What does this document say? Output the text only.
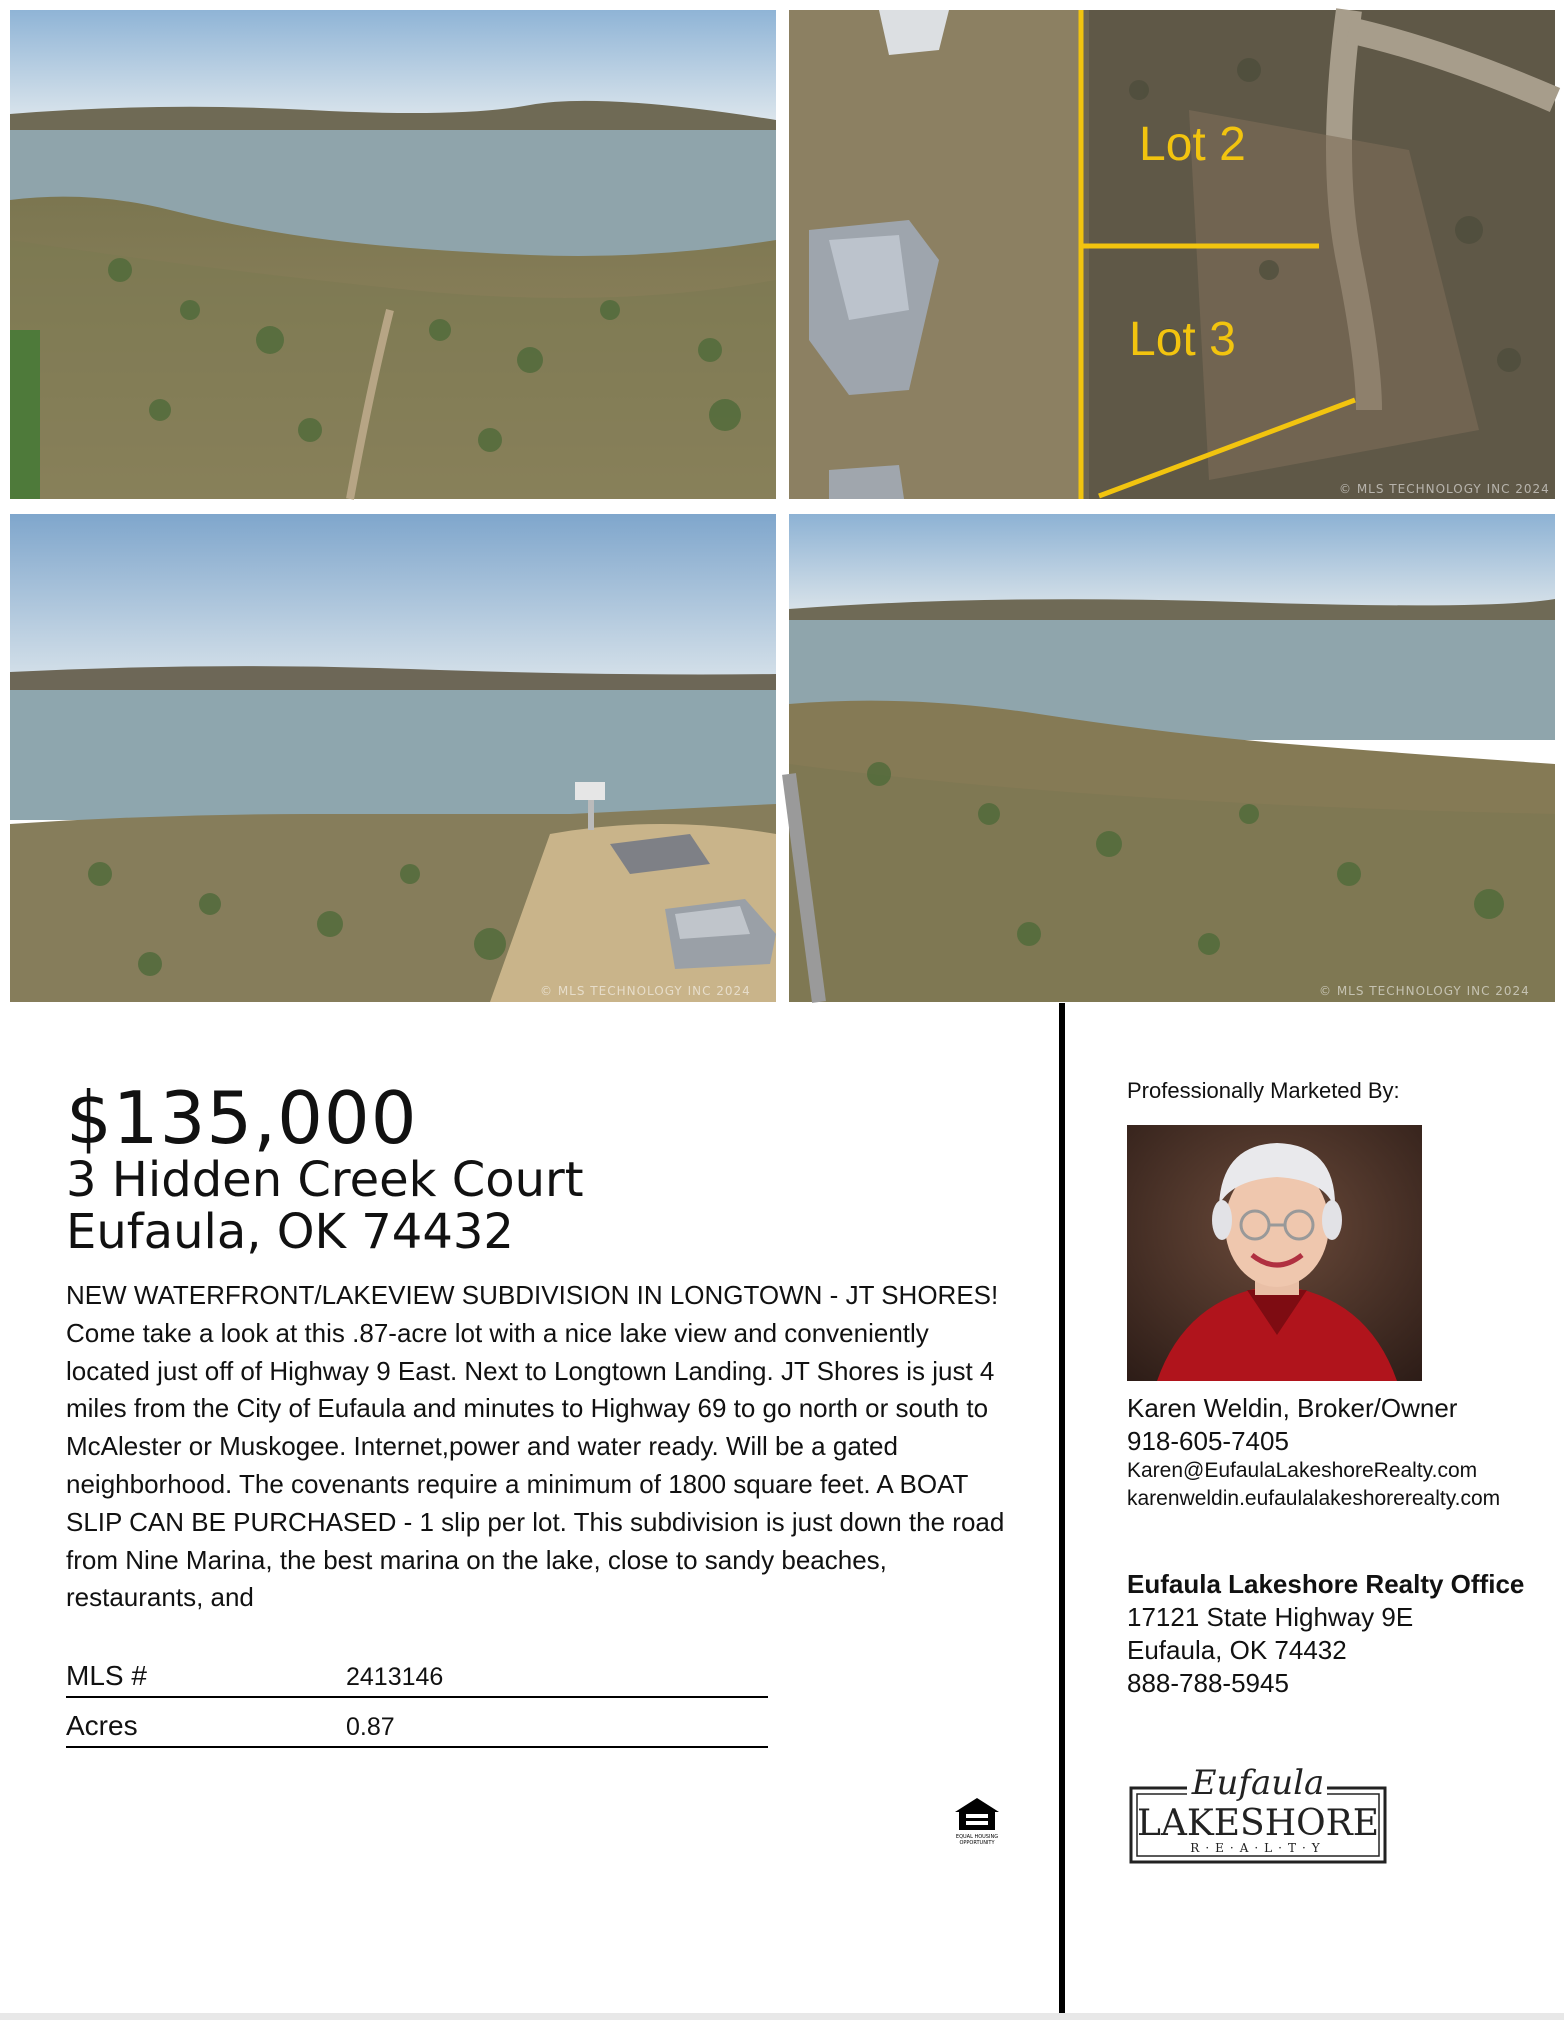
Lot 2
Lot 3
© MLS TECHNOLOGY INC 2024
© MLS TECHNOLOGY INC 2024	© MLS TECHNOLOGY INC 2024
$135,000
3 Hidden Creek Court
Eufaula, OK 74432
NEW WATERFRONT/LAKEVIEW SUBDIVISION IN LONGTOWN - JT SHORES! Come take a look at this .87-acre lot with a nice lake view and conveniently located just off of Highway 9 East. Next to Longtown Landing. JT Shores is just 4 miles from the City of Eufaula and minutes to Highway 69 to go north or south to McAlester or Muskogee. Internet,power and water ready. Will be a gated neighborhood. The covenants require a minimum of 1800 square feet. A BOAT SLIP CAN BE PURCHASED - 1 slip per lot. This subdivision is just down the road from Nine Marina, the best marina on the lake, close to sandy beaches, restaurants, and
MLS #	2413146
Acres	0.87
EQUAL HOUSING
OPPORTUNITY
Professionally Marketed By:
Karen Weldin, Broker/Owner
918-605-7405
Karen@EufaulaLakeshoreRealty.com
karenweldin.eufaulalakeshorerealty.com
Eufaula Lakeshore Realty Office
17121 State Highway 9E
Eufaula, OK 74432
888-788-5945
Eufaula
LAKESHORE
R·E·A·L·T·Y
